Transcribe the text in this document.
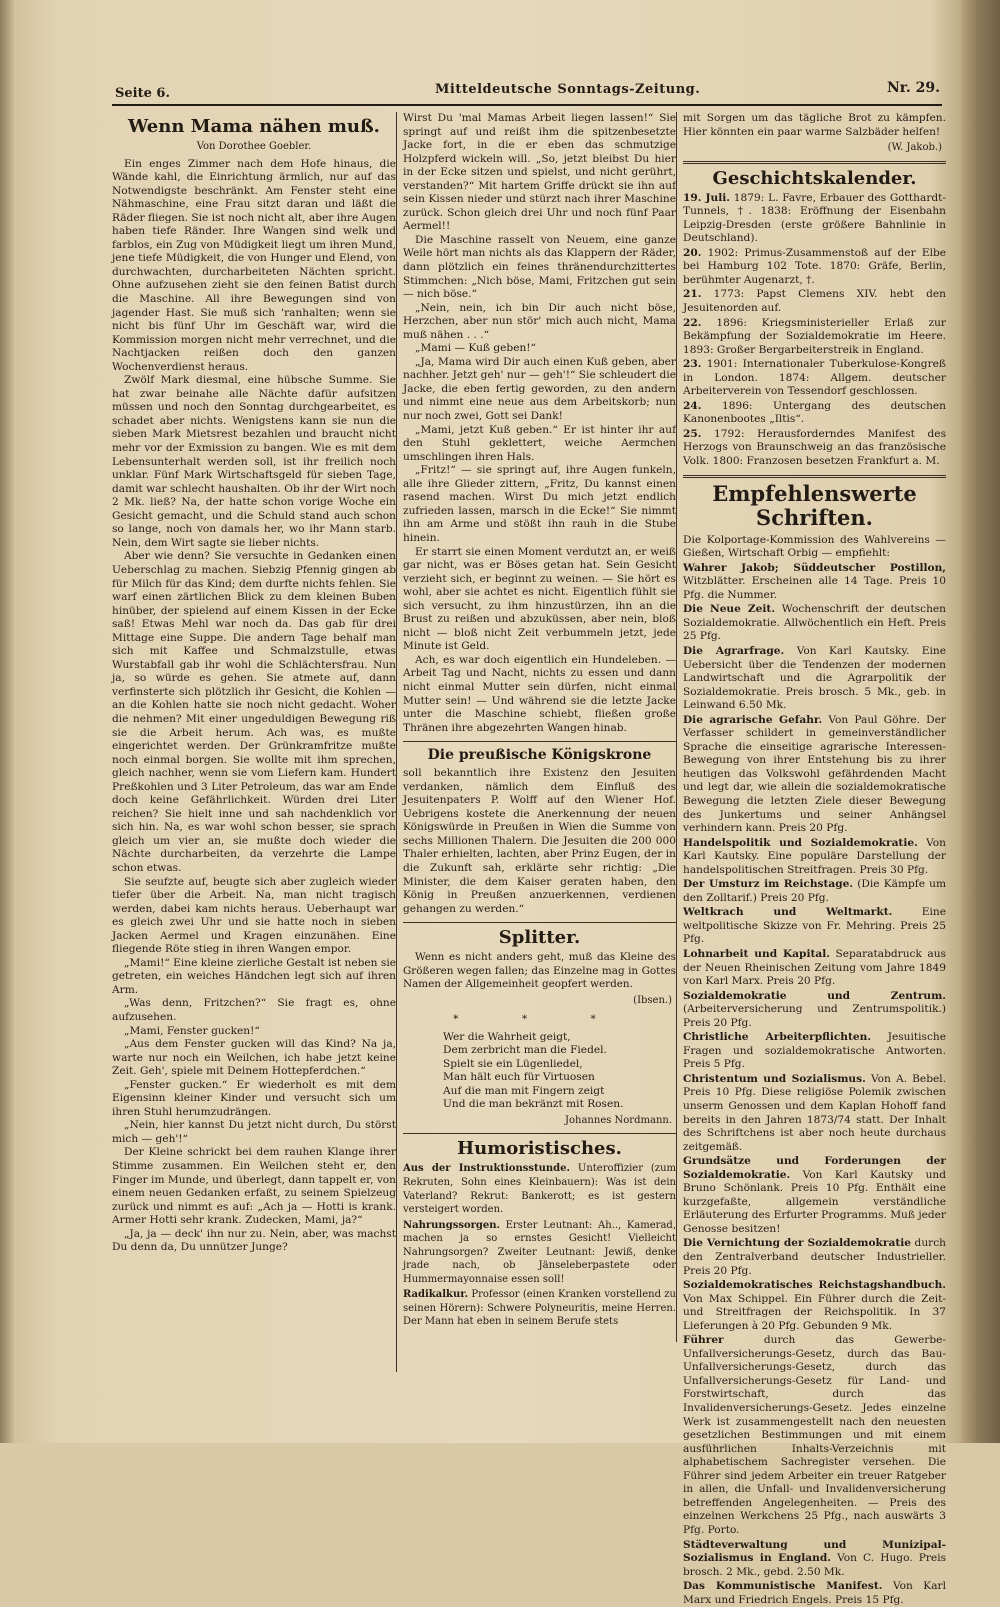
Seite 6.	Mitteldeutsche Sonntags-Zeitung.	Nr. 29.
Wenn Mama nähen muß.
Von Dorothee Goebler.

Ein enges Zimmer nach dem Hofe hinaus, die Wände kahl, die Einrichtung ärmlich, nur auf das Notwendigste beschränkt. Am Fenster steht eine Nähmaschine, eine Frau sitzt daran und läßt die Räder fliegen. Sie ist noch nicht alt, aber ihre Augen haben tiefe Ränder. Ihre Wangen sind welk und farblos, ein Zug von Müdigkeit liegt um ihren Mund, jene tiefe Müdigkeit, die von Hunger und Elend, von durchwachten, durcharbeiteten Nächten spricht. Ohne aufzusehen zieht sie den feinen Batist durch die Maschine. All ihre Bewegungen sind von jagender Hast. Sie muß sich 'ranhalten; wenn sie nicht bis fünf Uhr im Geschäft war, wird die Kommission morgen nicht mehr verrechnet, und die Nachtjacken reißen doch den ganzen Wochenverdienst heraus.

Zwölf Mark diesmal, eine hübsche Summe. Sie hat zwar beinahe alle Nächte dafür aufsitzen müssen und noch den Sonntag durchgearbeitet, es schadet aber nichts. Wenigstens kann sie nun die sieben Mark Mietsrest bezahlen und braucht nicht mehr vor der Exmission zu bangen. Wie es mit dem Lebensunterhalt werden soll, ist ihr freilich noch unklar. Fünf Mark Wirtschaftsgeld für sieben Tage, damit war schlecht haushalten. Ob ihr der Wirt noch 2 Mk. ließ? Na, der hatte schon vorige Woche ein Gesicht gemacht, und die Schuld stand auch schon so lange, noch von damals her, wo ihr Mann starb. Nein, dem Wirt sagte sie lieber nichts.

Aber wie denn? Sie versuchte in Gedanken einen Ueberschlag zu machen. Siebzig Pfennig gingen ab für Milch für das Kind; dem durfte nichts fehlen. Sie warf einen zärtlichen Blick zu dem kleinen Buben hinüber, der spielend auf einem Kissen in der Ecke saß! Etwas Mehl war noch da. Das gab für drei Mittage eine Suppe. Die andern Tage behalf man sich mit Kaffee und Schmalzstulle, etwas Wurstabfall gab ihr wohl die Schlächtersfrau. Nun ja, so würde es gehen. Sie atmete auf, dann verfinsterte sich plötzlich ihr Gesicht, die Kohlen — an die Kohlen hatte sie noch nicht gedacht. Woher die nehmen? Mit einer ungeduldigen Bewegung riß sie die Arbeit herum. Ach was, es mußte eingerichtet werden. Der Grünkramfritze mußte noch einmal borgen. Sie wollte mit ihm sprechen, gleich nachher, wenn sie vom Liefern kam. Hundert Preßkohlen und 3 Liter Petroleum, das war am Ende doch keine Gefährlichkeit. Würden drei Liter reichen? Sie hielt inne und sah nachdenklich vor sich hin. Na, es war wohl schon besser, sie sprach gleich um vier an, sie mußte doch wieder die Nächte durcharbeiten, da verzehrte die Lampe schon etwas.

Sie seufzte auf, beugte sich aber zugleich wieder tiefer über die Arbeit. Na, man nicht tragisch werden, dabei kam nichts heraus. Ueberhaupt war es gleich zwei Uhr und sie hatte noch in sieben Jacken Aermel und Kragen einzunähen. Eine fliegende Röte stieg in ihren Wangen empor.

„Mami!“ Eine kleine zierliche Gestalt ist neben sie getreten, ein weiches Händchen legt sich auf ihren Arm.

„Was denn, Fritzchen?“ Sie fragt es, ohne aufzusehen.

„Mami, Fenster gucken!“

„Aus dem Fenster gucken will das Kind? Na ja, warte nur noch ein Weilchen, ich habe jetzt keine Zeit. Geh', spiele mit Deinem Hottepferdchen.“

„Fenster gucken.“ Er wiederholt es mit dem Eigensinn kleiner Kinder und versucht sich um ihren Stuhl herumzudrängen.

„Nein, hier kannst Du jetzt nicht durch, Du störst mich — geh'!“

Der Kleine schrickt bei dem rauhen Klange ihrer Stimme zusammen. Ein Weilchen steht er, den Finger im Munde, und überlegt, dann tappelt er, von einem neuen Gedanken erfaßt, zu seinem Spielzeug zurück und nimmt es auf: „Ach ja — Hotti is krank. Armer Hotti sehr krank. Zudecken, Mami, ja?“

„Ja, ja — deck' ihn nur zu. Nein, aber, was machst Du denn da, Du unnützer Junge?

Wirst Du 'mal Mamas Arbeit liegen lassen!“ Sie springt auf und reißt ihm die spitzenbesetzte Jacke fort, in die er eben das schmutzige Holzpferd wickeln will. „So, jetzt bleibst Du hier in der Ecke sitzen und spielst, und nicht gerührt, verstanden?“ Mit hartem Griffe drückt sie ihn auf sein Kissen nieder und stürzt nach ihrer Maschine zurück. Schon gleich drei Uhr und noch fünf Paar Aermel!!

Die Maschine rasselt von Neuem, eine ganze Weile hört man nichts als das Klappern der Räder, dann plötzlich ein feines thränendurchzittertes Stimmchen: „Nich böse, Mami, Fritzchen gut sein — nich böse.“

„Nein, nein, ich bin Dir auch nicht böse, Herzchen, aber nun stör' mich auch nicht, Mama muß nähen . . .“

„Mami — Kuß geben!“

„Ja, Mama wird Dir auch einen Kuß geben, aber nachher. Jetzt geh' nur — geh'!“ Sie schleudert die Jacke, die eben fertig geworden, zu den andern und nimmt eine neue aus dem Arbeitskorb; nun nur noch zwei, Gott sei Dank!

„Mami, jetzt Kuß geben.“ Er ist hinter ihr auf den Stuhl geklettert, weiche Aermchen umschlingen ihren Hals.

„Fritz!“ — sie springt auf, ihre Augen funkeln, alle ihre Glieder zittern, „Fritz, Du kannst einen rasend machen. Wirst Du mich jetzt endlich zufrieden lassen, marsch in die Ecke!“ Sie nimmt ihn am Arme und stößt ihn rauh in die Stube hinein.

Er starrt sie einen Moment verdutzt an, er weiß gar nicht, was er Böses getan hat. Sein Gesicht verzieht sich, er beginnt zu weinen. — Sie hört es wohl, aber sie achtet es nicht. Eigentlich fühlt sie sich versucht, zu ihm hinzustürzen, ihn an die Brust zu reißen und abzuküssen, aber nein, bloß nicht — bloß nicht Zeit verbummeln jetzt, jede Minute ist Geld.

Ach, es war doch eigentlich ein Hundeleben. — Arbeit Tag und Nacht, nichts zu essen und dann nicht einmal Mutter sein dürfen, nicht einmal Mutter sein! — Und während sie die letzte Jacke unter die Maschine schiebt, fließen große Thränen ihre abgezehrten Wangen hinab.

Die preußische Königskrone

soll bekanntlich ihre Existenz den Jesuiten verdanken, nämlich dem Einfluß des Jesuitenpaters P. Wolff auf den Wiener Hof. Uebrigens kostete die Anerkennung der neuen Königswürde in Preußen in Wien die Summe von sechs Millionen Thalern. Die Jesuiten die 200 000 Thaler erhielten, lachten, aber Prinz Eugen, der in die Zukunft sah, erklärte sehr richtig: „Die Minister, die dem Kaiser geraten haben, den König in Preußen anzuerkennen, verdienen gehangen zu werden.“

Splitter.

Wenn es nicht anders geht, muß das Kleine des Größeren wegen fallen; das Einzelne mag in Gottes Namen der Allgemeinheit geopfert werden.

(Ibsen.)
* * *
Wer die Wahrheit geigt,
Dem zerbricht man die Fiedel.
Spielt sie ein Lügenliedel,
Man hält euch für Virtuosen
Auf die man mit Fingern zeigt
Und die man bekränzt mit Rosen.
Johannes Nordmann.
Humoristisches.

Aus der Instruktionsstunde. Unteroffizier (zum Rekruten, Sohn eines Kleinbauern): Was ist dein Vaterland? Rekrut: Bankerott; es ist gestern versteigert worden.

Nahrungssorgen. Erster Leutnant: Ah.., Kamerad, machen ja so ernstes Gesicht! Vielleicht Nahrungsorgen? Zweiter Leutnant: Jewiß, denke jrade nach, ob Jänseleberpastete oder Hummermayonnaise essen soll!

Radikalkur. Professor (einen Kranken vorstellend zu seinen Hörern): Schwere Polyneuritis, meine Herren. Der Mann hat eben in seinem Berufe stets

mit Sorgen um das tägliche Brot zu kämpfen. Hier könnten ein paar warme Salzbäder helfen!

(W. Jakob.)
Geschichtskalender.

19. Juli. 1879: L. Favre, Erbauer des Gotthardt-Tunnels, †. 1838: Eröffnung der Eisenbahn Leipzig-Dresden (erste größere Bahnlinie in Deutschland).

20. 1902: Primus-Zusammenstoß auf der Elbe bei Hamburg 102 Tote. 1870: Gräfe, Berlin, berühmter Augenarzt, †.

21. 1773: Papst Clemens XIV. hebt den Jesuitenorden auf.

22. 1896: Kriegsministerieller Erlaß zur Bekämpfung der Sozialdemokratie im Heere. 1893: Großer Bergarbeiterstreik in England.

23. 1901: Internationaler Tuberkulose-Kongreß in London. 1874: Allgem. deutscher Arbeiterverein von Tessendorf geschlossen.

24. 1896: Untergang des deutschen Kanonenbootes „Iltis“.

25. 1792: Herausforderndes Manifest des Herzogs von Braunschweig an das französische Volk. 1800: Franzosen besetzen Frankfurt a. M.

Empfehlenswerte Schriften.

Die Kolportage-Kommission des Wahlvereins — Gießen, Wirtschaft Orbig — empfiehlt:

Wahrer Jakob; Süddeutscher Postillon, Witzblätter. Erscheinen alle 14 Tage. Preis 10 Pfg. die Nummer.

Die Neue Zeit. Wochenschrift der deutschen Sozialdemokratie. Allwöchentlich ein Heft. Preis 25 Pfg.

Die Agrarfrage. Von Karl Kautsky. Eine Uebersicht über die Tendenzen der modernen Landwirtschaft und die Agrarpolitik der Sozialdemokratie. Preis brosch. 5 Mk., geb. in Leinwand 6.50 Mk.

Die agrarische Gefahr. Von Paul Göhre. Der Verfasser schildert in gemeinverständlicher Sprache die einseitige agrarische Interessen-Bewegung von ihrer Entstehung bis zu ihrer heutigen das Volkswohl gefährdenden Macht und legt dar, wie allein die sozialdemokratische Bewegung die letzten Ziele dieser Bewegung des Junkertums und seiner Anhängsel verhindern kann. Preis 20 Pfg.

Handelspolitik und Sozialdemokratie. Von Karl Kautsky. Eine populäre Darstellung der handelspolitischen Streitfragen. Preis 30 Pfg.

Der Umsturz im Reichstage. (Die Kämpfe um den Zolltarif.) Preis 20 Pfg.

Weltkrach und Weltmarkt.	Eine weltpolitische Skizze von Fr. Mehring. Preis 25 Pfg.

Lohnarbeit und Kapital. Separatabdruck aus der Neuen Rheinischen Zeitung vom Jahre 1849 von Karl Marx. Preis 20 Pfg.

Sozialdemokratie und Zentrum. (Arbeiterversicherung und Zentrumspolitik.) Preis 20 Pfg.

Christliche Arbeiterpflichten. Jesuitische Fragen und sozialdemokratische Antworten. Preis 5 Pfg.

Christentum und Sozialismus. Von A. Bebel. Preis 10 Pfg. Diese religiöse Polemik zwischen unserm Genossen und dem Kaplan Hohoff fand bereits in den Jahren 1873/74 statt. Der Inhalt des Schriftchens ist aber noch heute durchaus zeitgemäß.

Grundsätze und Forderungen der Sozialdemokratie. Von Karl Kautsky und Bruno Schönlank. Preis 10 Pfg. Enthält eine kurzgefaßte, allgemein verständliche Erläuterung des Erfurter Programms. Muß jeder Genosse besitzen!

Die Vernichtung der Sozialdemokratie durch den Zentralverband deutscher Industrieller. Preis 20 Pfg.

Sozialdemokratisches Reichstagshandbuch. Von Max Schippel. Ein Führer durch die Zeit- und Streitfragen der Reichspolitik. In 37 Lieferungen à 20 Pfg. Gebunden 9 Mk.

Führer	durch das Gewerbe-Unfallversicherungs-Gesetz, durch das Bau-Unfallversicherungs-Gesetz, durch das Unfallversicherungs-Gesetz für Land- und Forstwirtschaft, durch das Invalidenversicherungs-Gesetz. Jedes einzelne Werk ist zusammengestellt nach den neuesten gesetzlichen Bestimmungen und mit einem ausführlichen Inhalts-Verzeichnis mit alphabetischem Sachregister versehen. Die Führer sind jedem Arbeiter ein treuer Ratgeber in allen, die Unfall- und Invalidenversicherung betreffenden Angelegenheiten. — Preis des einzelnen Werkchens 25 Pfg., nach auswärts 3 Pfg. Porto.

Städteverwaltung und Munizipal-Sozialismus in England. Von C. Hugo. Preis brosch. 2 Mk., gebd. 2.50 Mk.

Das Kommunistische Manifest. Von Karl Marx und Friedrich Engels. Preis 15 Pfg.
